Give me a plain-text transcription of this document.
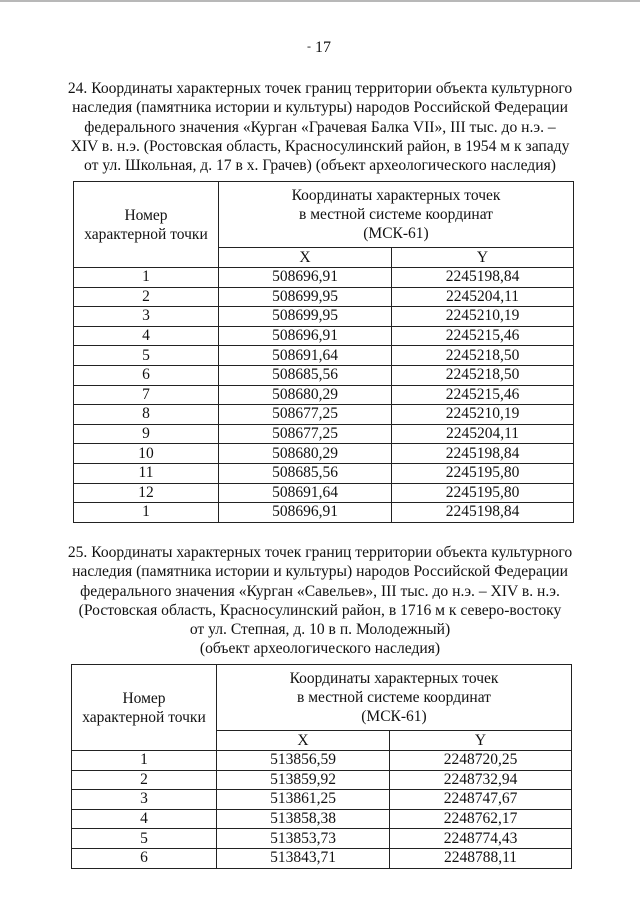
- 17
24. Координаты характерных точек границ территории объекта культурного
наследия (памятника истории и культуры) народов Российской Федерации
федерального значения «Курган «Грачевая Балка VII», III тыс. до н.э. –
XIV в. н.э. (Ростовская область, Красносулинский район, в 1954 м к западу
от ул. Школьная, д. 17 в х. Грачев) (объект археологического наследия)
Номер
характерной точки	Координаты характерных точек
в местной системе координат
(МСК-61)	

	X	Y
1	508696,91	2245198,84
2	508699,95	2245204,11
3	508699,95	2245210,19
4	508696,91	2245215,46
5	508691,64	2245218,50
6	508685,56	2245218,50
7	508680,29	2245215,46
8	508677,25	2245210,19
9	508677,25	2245204,11
10	508680,29	2245198,84
11	508685,56	2245195,80
12	508691,64	2245195,80
1	508696,91	2245198,84
25. Координаты характерных точек границ территории объекта культурного
наследия (памятника истории и культуры) народов Российской Федерации
федерального значения «Курган «Савельев», III тыс. до н.э. – XIV в. н.э.
(Ростовская область, Красносулинский район, в 1716 м к северо-востоку
от ул. Степная, д. 10 в п. Молодежный)
(объект археологического наследия)
Номер
характерной точки	Координаты характерных точек
в местной системе координат
(МСК-61)	

	X	Y
1	513856,59	2248720,25
2	513859,92	2248732,94
3	513861,25	2248747,67
4	513858,38	2248762,17
5	513853,73	2248774,43
6	513843,71	2248788,11
